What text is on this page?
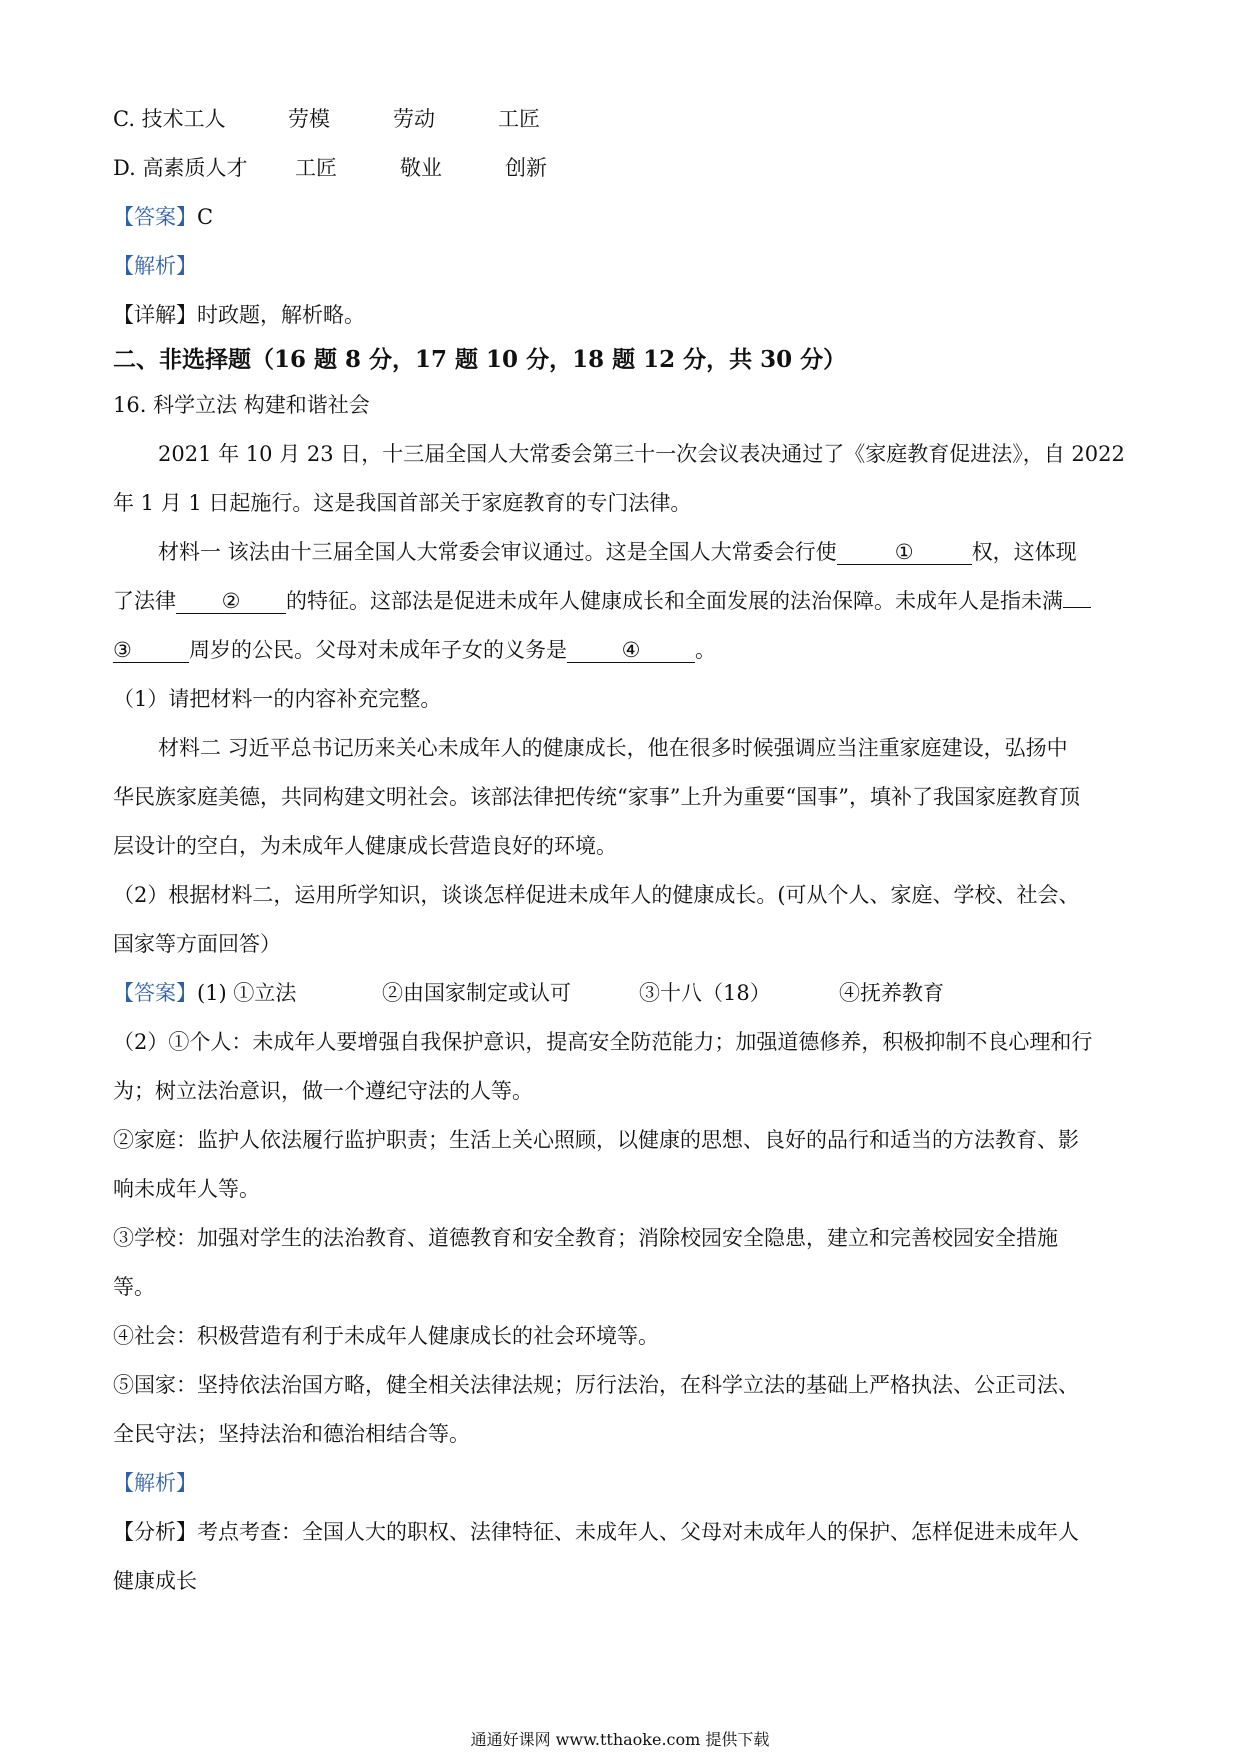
C. 技术工人	劳模	劳动	工匠
D. 高素质人才 工匠	敬业	创新
【答案】C
【解析】
【详解】时政题，解析略。
二、非选择题（16 题 8 分，17 题 10 分，18 题 12 分，共 30 分）
16. 科学立法 构建和谐社会
2021 年 10 月 23 日，十三届全国人大常委会第三十一次会议表决通过了《家庭教育促进法》，自 2022
年 1 月 1 日起施行。这是我国首部关于家庭教育的专门法律。
材料一 该法由十三届全国人大常委会审议通过。这是全国人大常委会行使	①	权，这体现
了法律 ② 的特征。这部法是促进未成年人健康成长和全面发展的法治保障。未成年人是指未满
③	周岁的公民。父母对未成年子女的义务是	④	。
（1）请把材料一的内容补充完整。
材料二 习近平总书记历来关心未成年人的健康成长，他在很多时候强调应当注重家庭建设，弘扬中
华民族家庭美德，共同构建文明社会。该部法律把传统“家事”上升为重要“国事”，填补了我国家庭教育顶
层设计的空白，为未成年人健康成长营造良好的环境。
（2）根据材料二，运用所学知识，谈谈怎样促进未成年人的健康成长。(可从个人、家庭、学校、社会、
国家等方面回答）
【答案】(1) ①立法	②由国家制定或认可	③十八（18）	④抚养教育
（2）①个人：未成年人要增强自我保护意识，提高安全防范能力；加强道德修养，积极抑制不良心理和行
为；树立法治意识，做一个遵纪守法的人等。
②家庭：监护人依法履行监护职责；生活上关心照顾，以健康的思想、良好的品行和适当的方法教育、影
响未成年人等。
③学校：加强对学生的法治教育、道德教育和安全教育；消除校园安全隐患，建立和完善校园安全措施
等。
④社会：积极营造有利于未成年人健康成长的社会环境等。
⑤国家：坚持依法治国方略，健全相关法律法规；厉行法治，在科学立法的基础上严格执法、公正司法、
全民守法；坚持法治和德治相结合等。
【解析】
【分析】考点考查：全国人大的职权、法律特征、未成年人、父母对未成年人的保护、怎样促进未成年人
健康成长
通通好课网 www.tthaoke.com 提供下载
